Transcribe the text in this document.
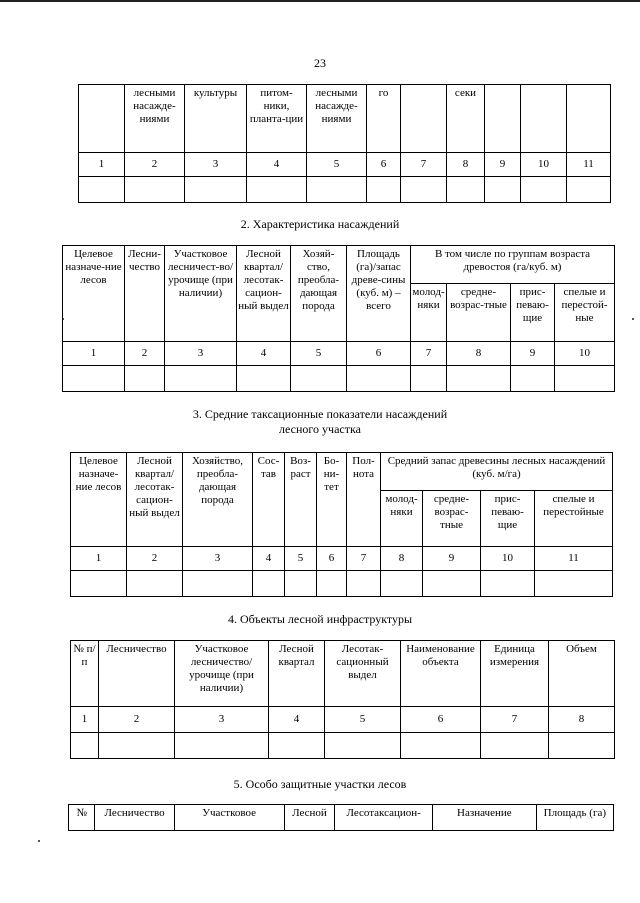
23
	лесными насажде-ниями	культуры	питом-ники, планта-ции	лесными насажде-ниями	го		секи			
1	2	3	4	5	6	7	8	9	10	11

2. Характеристика насаждений
Целевое назначе-ние лесов	Лесни-чество	Участковое лесничест-во/урочище (при наличии)	Лесной квартал/ лесотак-сацион-ный выдел	Хозяй-ство, преобла-дающая порода	Площадь (га)/запас древе-сины (куб. м) – всего	В том числе по группам возраста древостоя (га/куб. м)			
						молод-няки	средне-возрас-тные	прис-певаю-щие	спелые и перестой-ные
1	2	3	4	5	6	7	8	9	10

3. Средние таксационные показатели насаждений
лесного участка
Целевое назначе-ние лесов	Лесной квартал/ лесотак-сацион-ный выдел	Хозяйство, преобла-дающая порода	Сос-тав	Воз-раст	Бо-ни-тет	Пол-нота	Средний запас древесины лесных насаждений (куб. м/га)			
							молод-няки	средне-возрас-тные	прис-певаю-щие	спелые и перестойные
1	2	3	4	5	6	7	8	9	10	11

4. Объекты лесной инфраструктуры
№ п/п	Лесничество	Участковое лесничество/ урочище (при наличии)	Лесной квартал	Лесотак-сационный выдел	Наименование объекта	Единица измерения	Объем
1	2	3	4	5	6	7	8

5. Особо защитные участки лесов
№	Лесничество	Участковое	Лесной	Лесотаксацион-	Назначение	Площадь (га)
